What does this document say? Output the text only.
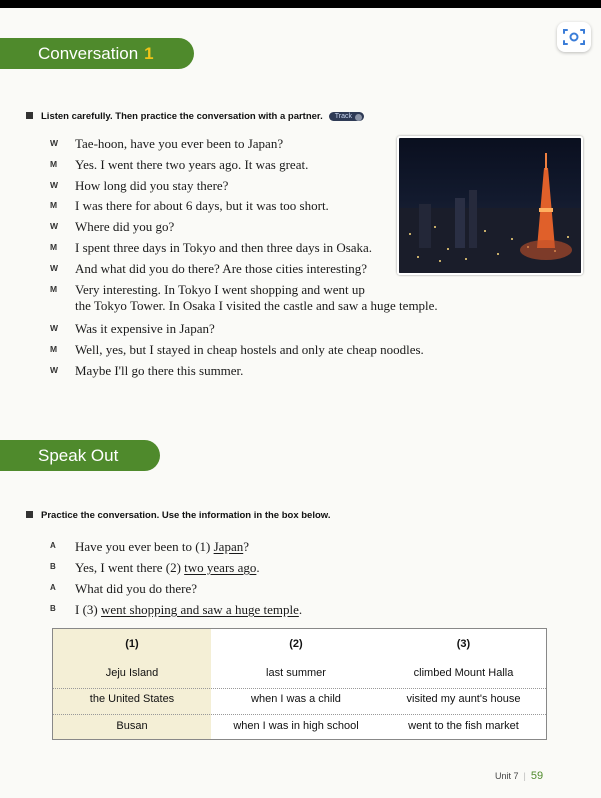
Conversation 1
Listen carefully. Then practice the conversation with a partner. Track
W Tae-hoon, have you ever been to Japan?
M Yes. I went there two years ago. It was great.
W How long did you stay there?
M I was there for about 6 days, but it was too short.
W Where did you go?
M I spent three days in Tokyo and then three days in Osaka.
W And what did you do there? Are those cities interesting?
M Very interesting. In Tokyo I went shopping and went up
the Tokyo Tower. In Osaka I visited the castle and saw a huge temple.
W Was it expensive in Japan?
M Well, yes, but I stayed in cheap hostels and only ate cheap noodles.
W Maybe I'll go there this summer.
Speak Out
Practice the conversation. Use the information in the box below.
A Have you ever been to (1) Japan?
B Yes, I went there (2) two years ago.
A What did you do there?
B I (3) went shopping and saw a huge temple.
(1)	(2)	(3)
Jeju Island	last summer	climbed Mount Halla
the United States	when I was a child	visited my aunt's house
Busan	when I was in high school	went to the fish market
Unit 7 | 59
